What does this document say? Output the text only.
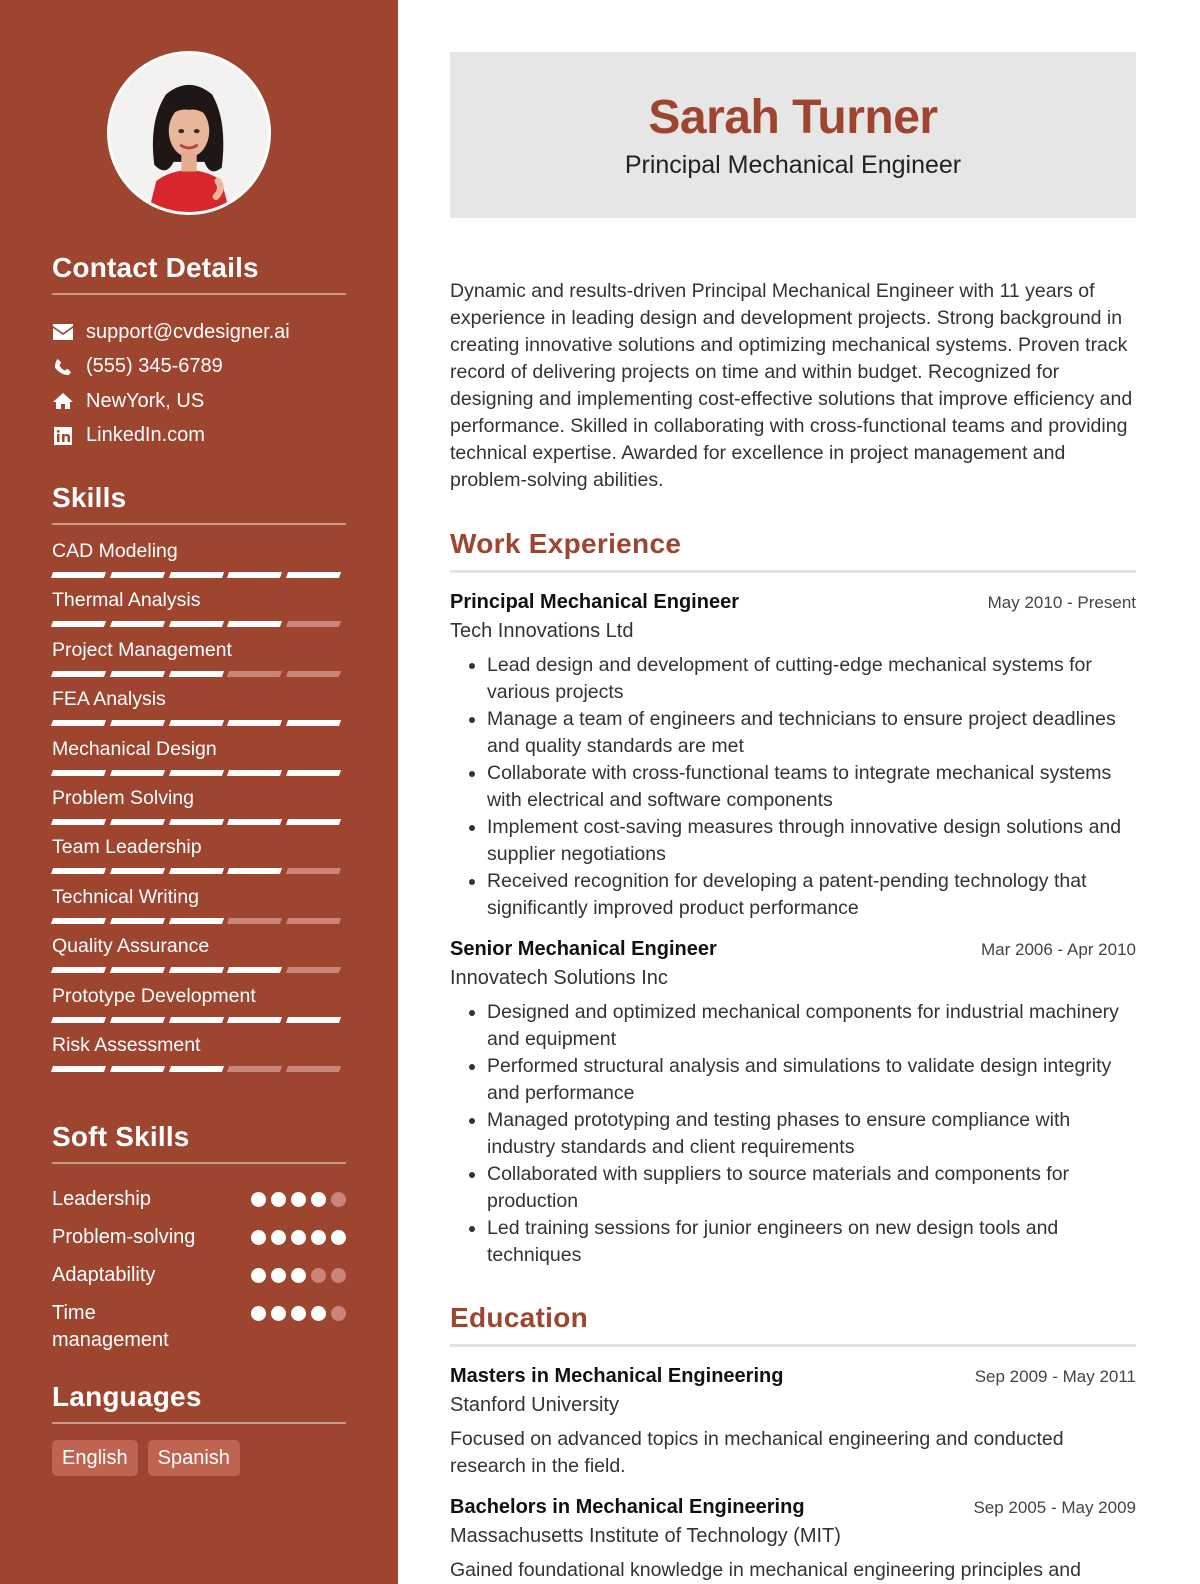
Contact Details
support@cvdesigner.ai
(555) 345-6789
NewYork, US
LinkedIn.com
Skills
CAD Modeling
Thermal Analysis
Project Management
FEA Analysis
Mechanical Design
Problem Solving
Team Leadership
Technical Writing
Quality Assurance
Prototype Development
Risk Assessment
Soft Skills
Leadership
Problem-solving
Adaptability
Time management
Languages
English	Spanish
Sarah Turner
Principal Mechanical Engineer

Dynamic and results-driven Principal Mechanical Engineer with 11 years of experience in leading design and development projects. Strong background in creating innovative solutions and optimizing mechanical systems. Proven track record of delivering projects on time and within budget. Recognized for designing and implementing cost-effective solutions that improve efficiency and performance. Skilled in collaborating with cross-functional teams and providing technical expertise. Awarded for excellence in project management and problem-solving abilities.

Work Experience
Principal Mechanical Engineer	May 2010 - Present
Tech Innovations Ltd
• Lead design and development of cutting-edge mechanical systems for various projects
• Manage a team of engineers and technicians to ensure project deadlines and quality standards are met
• Collaborate with cross-functional teams to integrate mechanical systems with electrical and software components
• Implement cost-saving measures through innovative design solutions and supplier negotiations
• Received recognition for developing a patent-pending technology that significantly improved product performance
Senior Mechanical Engineer	Mar 2006 - Apr 2010
Innovatech Solutions Inc
• Designed and optimized mechanical components for industrial machinery and equipment
• Performed structural analysis and simulations to validate design integrity and performance
• Managed prototyping and testing phases to ensure compliance with industry standards and client requirements
• Collaborated with suppliers to source materials and components for production
• Led training sessions for junior engineers on new design tools and techniques
Education
Masters in Mechanical Engineering	Sep 2009 - May 2011
Stanford University

Focused on advanced topics in mechanical engineering and conducted research in the field.

Bachelors in Mechanical Engineering	Sep 2005 - May 2009
Massachusetts Institute of Technology (MIT)

Gained foundational knowledge in mechanical engineering principles and
